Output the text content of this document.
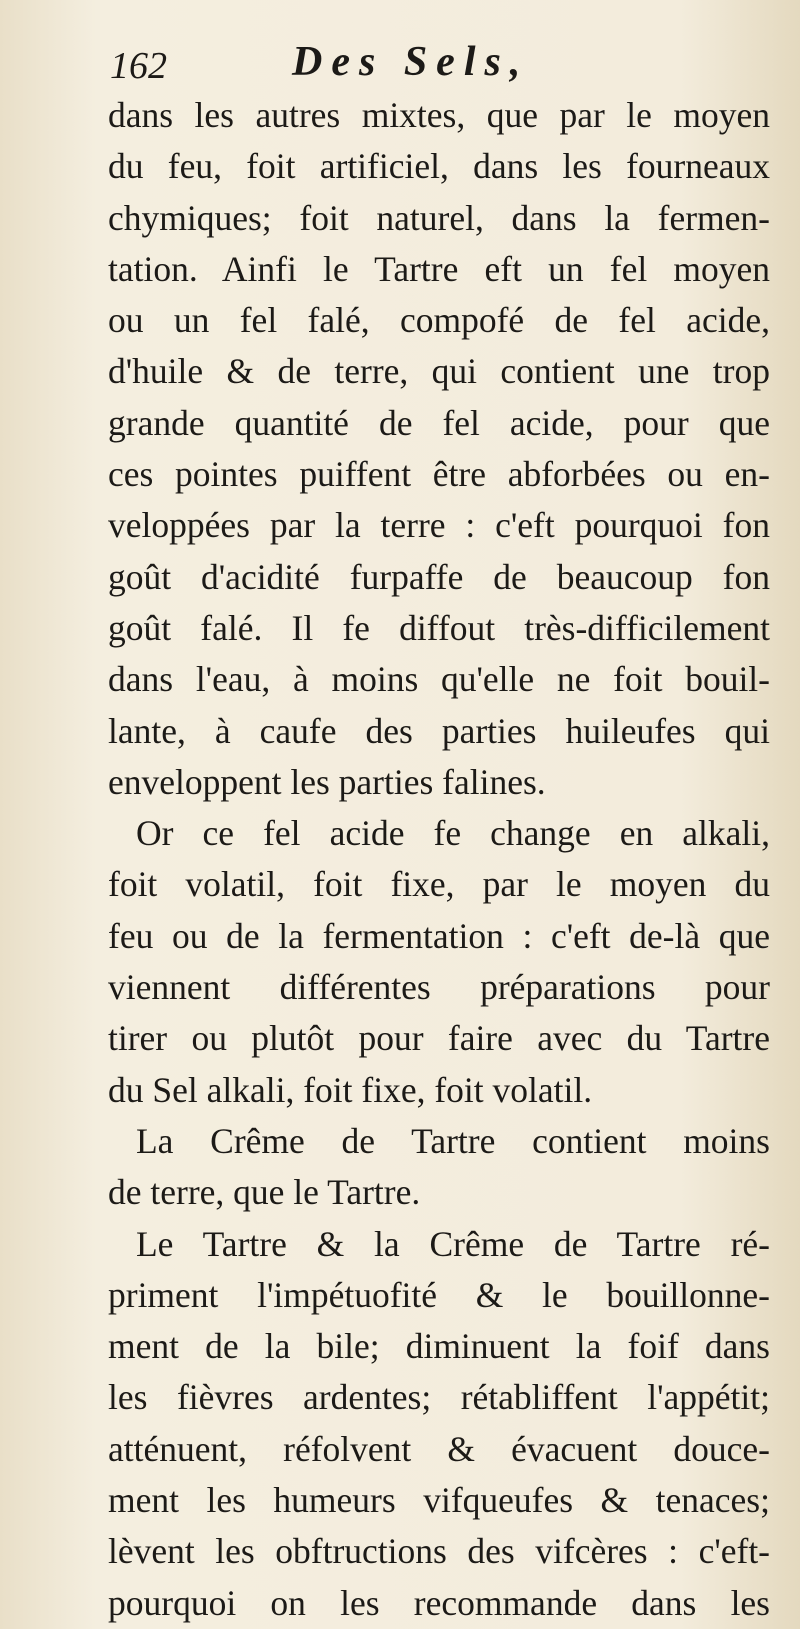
162	Des Sels,
dans les autres mixtes, que par le moyen
du feu, foit artificiel, dans les fourneaux
chymiques; foit naturel, dans la fermen-
tation. Ainfi le Tartre eft un fel moyen
ou un fel falé, compofé de fel acide,
d'huile & de terre, qui contient une trop
grande quantité de fel acide, pour que
ces pointes puiffent être abforbées ou en-
veloppées par la terre : c'eft pourquoi fon
goût d'acidité furpaffe de beaucoup fon
goût falé. Il fe diffout très-difficilement
dans l'eau, à moins qu'elle ne foit bouil-
lante, à caufe des parties huileufes qui
enveloppent les parties falines.
Or ce fel acide fe change en alkali,
foit volatil, foit fixe, par le moyen du
feu ou de la fermentation : c'eft de-là que
viennent différentes préparations pour
tirer ou plutôt pour faire avec du Tartre
du Sel alkali, foit fixe, foit volatil.
La Crême de Tartre contient moins
de terre, que le Tartre.
Le Tartre & la Crême de Tartre ré-
priment l'impétuofité & le bouillonne-
ment de la bile; diminuent la foif dans
les fièvres ardentes; rétabliffent l'appétit;
atténuent, réfolvent & évacuent douce-
ment les humeurs vifqueufes & tenaces;
lèvent les obftructions des vifcères : c'eft-
pourquoi on les recommande dans les
